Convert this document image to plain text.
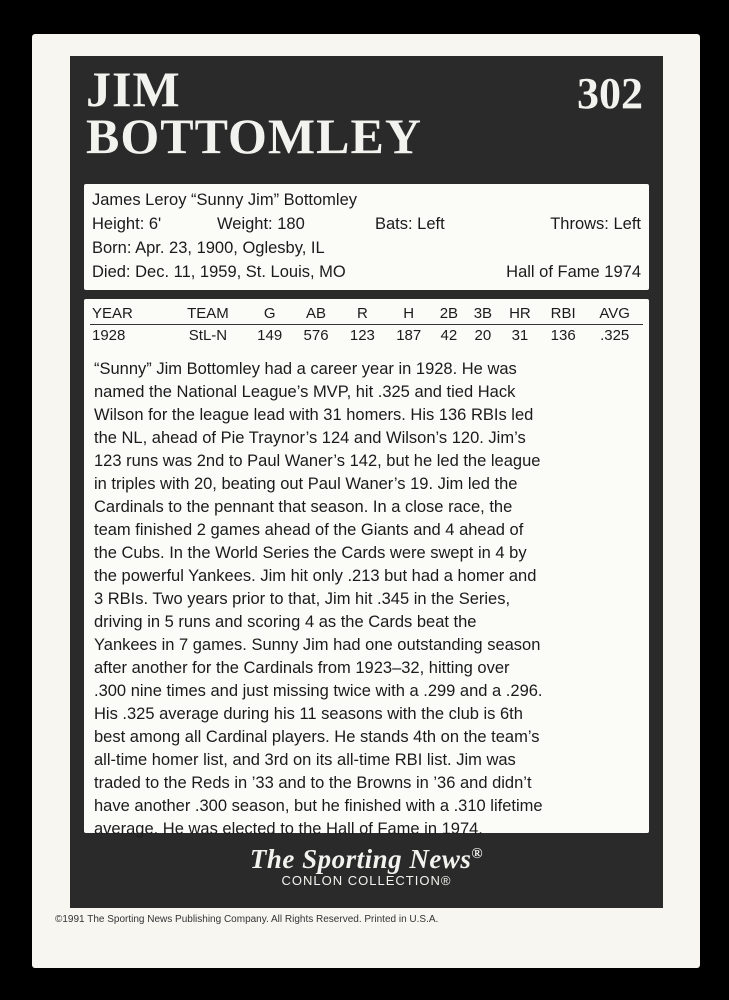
JIM
BOTTOMLEY
302
James Leroy “Sunny Jim” Bottomley
Height: 6'	Weight: 180	Bats: Left	Throws: Left
Born: Apr. 23, 1900, Oglesby, IL
Died: Dec. 11, 1959, St. Louis, MO	Hall of Fame 1974
YEAR	TEAM	G	AB	R	H	2B	3B	HR	RBI	AVG
1928	StL-N	149	576	123	187	42	20	31	136	.325
“Sunny” Jim Bottomley had a career year in 1928. He was
named the National League’s MVP, hit .325 and tied Hack
Wilson for the league lead with 31 homers. His 136 RBIs led
the NL, ahead of Pie Traynor’s 124 and Wilson’s 120. Jim’s
123 runs was 2nd to Paul Waner’s 142, but he led the league
in triples with 20, beating out Paul Waner’s 19. Jim led the
Cardinals to the pennant that season. In a close race, the
team finished 2 games ahead of the Giants and 4 ahead of
the Cubs. In the World Series the Cards were swept in 4 by
the powerful Yankees. Jim hit only .213 but had a homer and
3 RBIs. Two years prior to that, Jim hit .345 in the Series,
driving in 5 runs and scoring 4 as the Cards beat the
Yankees in 7 games. Sunny Jim had one outstanding season
after another for the Cardinals from 1923–32, hitting over
.300 nine times and just missing twice with a .299 and a .296.
His .325 average during his 11 seasons with the club is 6th
best among all Cardinal players. He stands 4th on the team’s
all-time homer list, and 3rd on its all-time RBI list. Jim was
traded to the Reds in ’33 and to the Browns in ’36 and didn’t
have another .300 season, but he finished with a .310 lifetime
average. He was elected to the Hall of Fame in 1974.
The Sporting News®
CONLON COLLECTION®
©1991 The Sporting News Publishing Company. All Rights Reserved. Printed in U.S.A.
